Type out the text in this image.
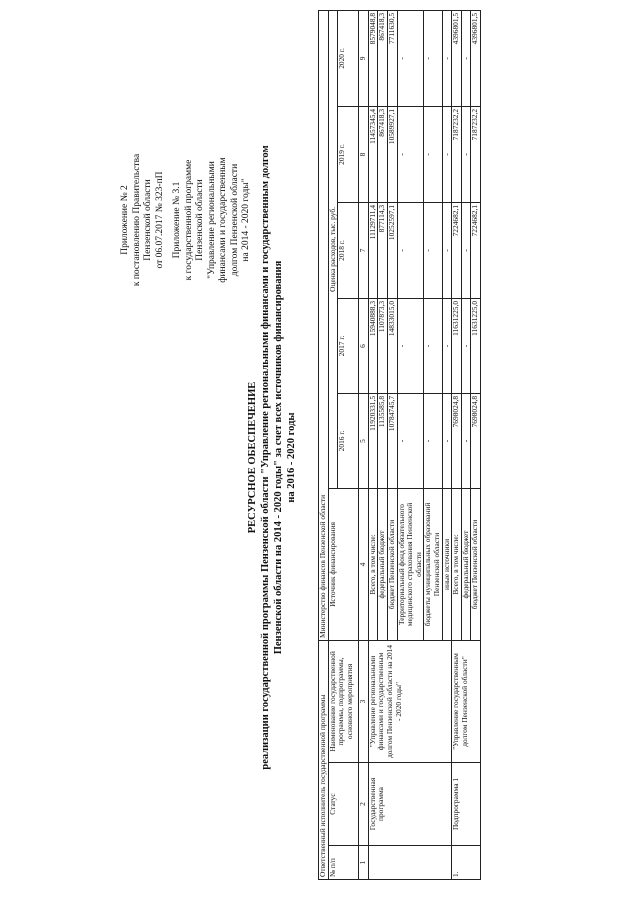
Приложение № 2 к постановлению Правительства Пензенской области от 06.07.2017 № 323-пП Приложение № 3.1 к государственной программе Пензенской области "Управление региональными финансами и государственным долгом Пензенской области на 2014 - 2020 годы"
РЕСУРСНОЕ ОБЕСПЕЧЕНИЕ реализации государственной программы Пензенской области "Управление региональными финансами и государственным долгом Пензенской области на 2014 - 2020 годы" за счет всех источников финансирования на 2016 - 2020 годы
Ответственный исполнитель государственной программы			Министерство финансов Пензенской области					
№ п/п	Статус	Наименование государственной программы, подпрограммы, основного мероприятия	Источник финансирования	Оценка расходов, тыс. руб.				
				2016 г.	2017 г.	2018 г.	2019 г.	2020 г.
1	2	3	4	5	6	7	8	9
	Государственная программа	"Управление региональными финансами и государственным долгом Пензенской области на 2014 - 2020 годы"	Всего, в том числе:	11920331,5	15940888,3	11129711,4	11457345,4	8579048,8
			федеральный бюджет	1135585,8	1107873,3	877114,3	867418,3	867418,3
			бюджет Пензенской области	10784745,7	14833015,0	10252597,1	10589927,1	7711630,5
			Территориальный фонд обязательного медицинского страхования Пензенской области	-	-	-	-	-
			бюджеты муниципальных образований Пензенской области	-	-	-	-	-
			иные источники	-	-	-	-	-
1.	Подпрограмма 1	"Управление государственным долгом Пензенской области"	Всего, в том числе:	7698024,8	11631225,0	7224682,1	7187232,2	4396801,5
			федеральный бюджет	-	-	-	-	-
			бюджет Пензенской области	7698024,8	11631225,0	7224682,1	7187232,2	4396801,5
